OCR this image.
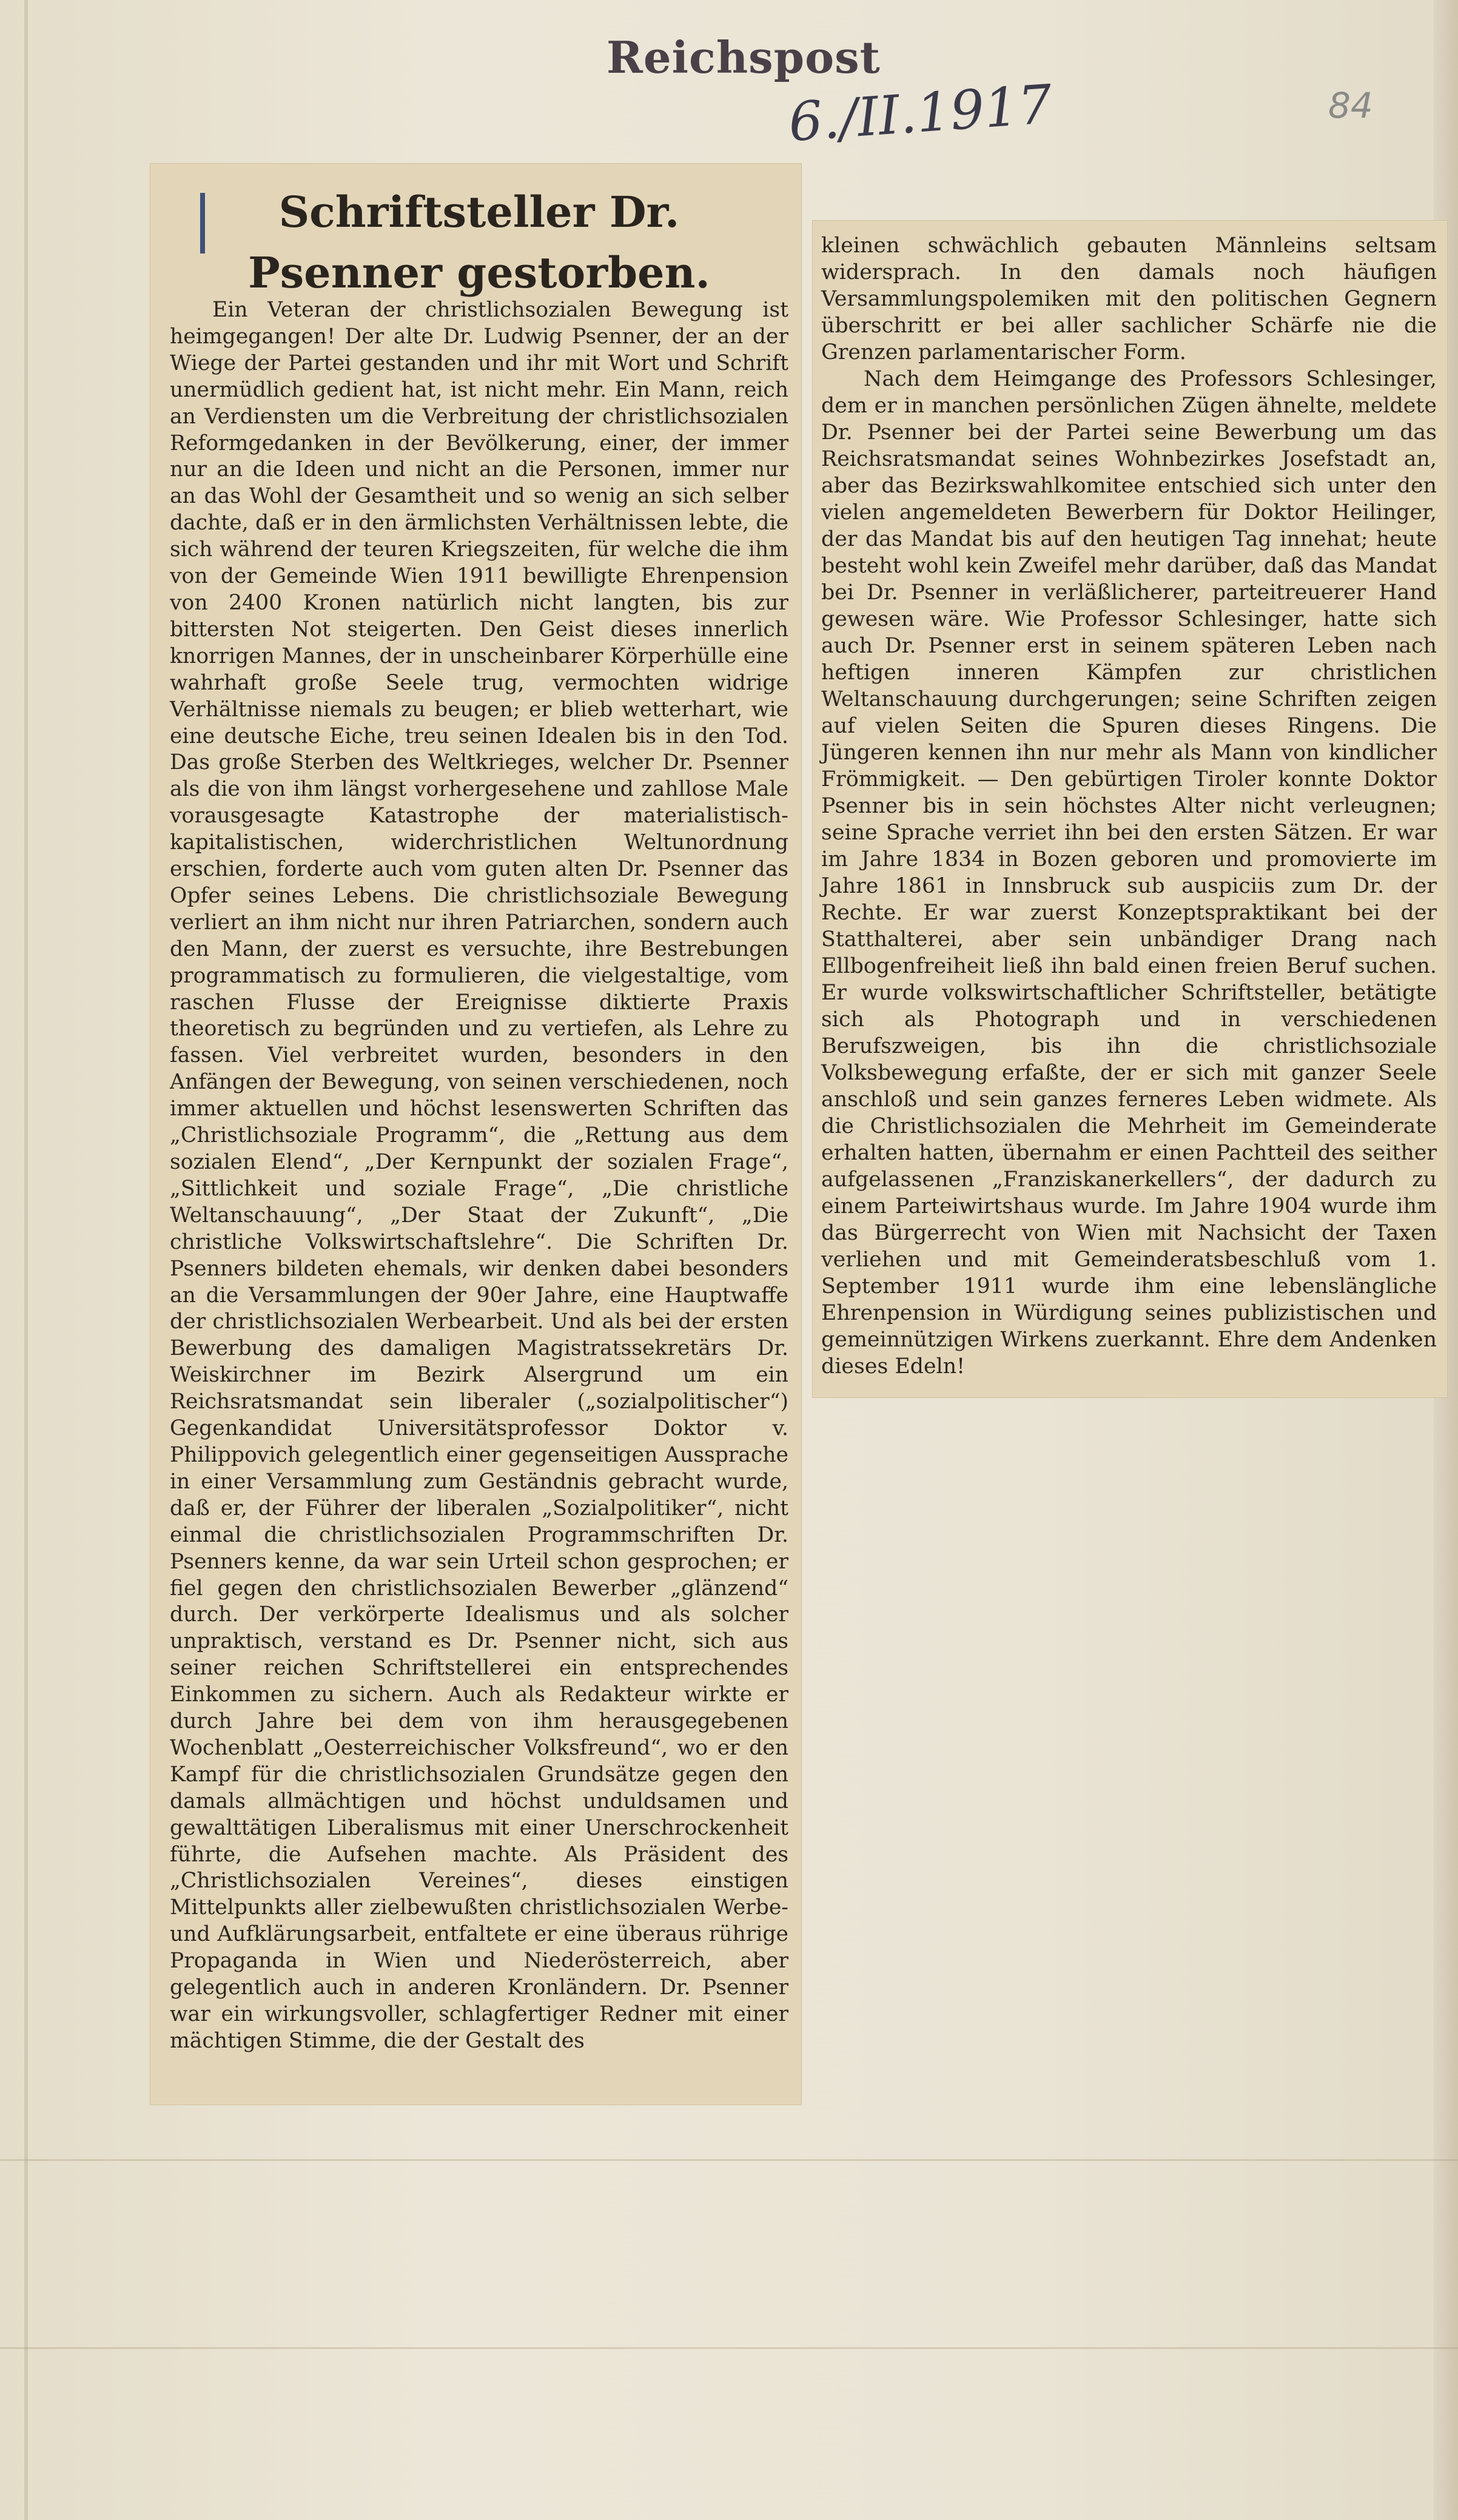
Reichspost
6./II.1917	84
Schriftsteller Dr. Psenner gestorben.

Ein Veteran der christlichsozialen Bewegung ist heimgegangen! Der alte Dr. Ludwig Psenner, der an der Wiege der Partei gestanden und ihr mit Wort und Schrift unermüdlich gedient hat, ist nicht mehr. Ein Mann, reich an Verdiensten um die Verbreitung der christlichsozialen Reformgedanken in der Bevölkerung, einer, der immer nur an die Ideen und nicht an die Personen, immer nur an das Wohl der Gesamtheit und so wenig an sich selber dachte, daß er in den ärmlichsten Verhältnissen lebte, die sich während der teuren Kriegszeiten, für welche die ihm von der Gemeinde Wien 1911 bewilligte Ehrenpension von 2400 Kronen natürlich nicht langten, bis zur bittersten Not steigerten. Den Geist dieses innerlich knorrigen Mannes, der in unscheinbarer Körperhülle eine wahrhaft große Seele trug, vermochten widrige Verhältnisse niemals zu beugen; er blieb wetterhart, wie eine deutsche Eiche, treu seinen Idealen bis in den Tod. Das große Sterben des Weltkrieges, welcher Dr. Psenner als die von ihm längst vorhergesehene und zahllose Male vorausgesagte Katastrophe der materialistisch-kapitalistischen, widerchristlichen Weltunordnung erschien, forderte auch vom guten alten Dr. Psenner das Opfer seines Lebens. Die christlichsoziale Bewegung verliert an ihm nicht nur ihren Patriarchen, sondern auch den Mann, der zuerst es versuchte, ihre Bestrebungen programmatisch zu formulieren, die vielgestaltige, vom raschen Flusse der Ereignisse diktierte Praxis theoretisch zu begründen und zu vertiefen, als Lehre zu fassen. Viel verbreitet wurden, besonders in den Anfängen der Bewegung, von seinen verschiedenen, noch immer aktuellen und höchst lesenswerten Schriften das „Christlichsoziale Programm“, die „Rettung aus dem sozialen Elend“, „Der Kernpunkt der sozialen Frage“, „Sittlichkeit und soziale Frage“, „Die christliche Weltanschauung“, „Der Staat der Zukunft“, „Die christliche Volkswirtschaftslehre“. Die Schriften Dr. Psenners bildeten ehemals, wir denken dabei besonders an die Versammlungen der 90er Jahre, eine Hauptwaffe der christlichsozialen Werbearbeit. Und als bei der ersten Bewerbung des damaligen Magistratssekretärs Dr. Weiskirchner im Bezirk Alsergrund um ein Reichsratsmandat sein liberaler („sozialpolitischer“) Gegenkandidat Universitätsprofessor Doktor v. Philippovich gelegentlich einer gegenseitigen Aussprache in einer Versammlung zum Geständnis gebracht wurde, daß er, der Führer der liberalen „Sozialpolitiker“, nicht einmal die christlichsozialen Programmschriften Dr. Psenners kenne, da war sein Urteil schon gesprochen; er fiel gegen den christlichsozialen Bewerber „glänzend“ durch. Der verkörperte Idealismus und als solcher unpraktisch, verstand es Dr. Psenner nicht, sich aus seiner reichen Schriftstellerei ein entsprechendes Einkommen zu sichern. Auch als Redakteur wirkte er durch Jahre bei dem von ihm herausgegebenen Wochenblatt „Oesterreichischer Volksfreund“, wo er den Kampf für die christlichsozialen Grundsätze gegen den damals allmächtigen und höchst unduldsamen und gewalttätigen Liberalismus mit einer Unerschrockenheit führte, die Aufsehen machte. Als Präsident des „Christlichsozialen Vereines“, dieses einstigen Mittelpunkts aller zielbewußten christlichsozialen Werbe- und Aufklärungsarbeit, entfaltete er eine überaus rührige Propaganda in Wien und Niederösterreich, aber gelegentlich auch in anderen Kronländern. Dr. Psenner war ein wirkungsvoller, schlagfertiger Redner mit einer mächtigen Stimme, die der Gestalt des

kleinen schwächlich gebauten Männleins seltsam widersprach. In den damals noch häufigen Versammlungspolemiken mit den politischen Gegnern überschritt er bei aller sachlicher Schärfe nie die Grenzen parlamentarischer Form.

Nach dem Heimgange des Professors Schlesinger, dem er in manchen persönlichen Zügen ähnelte, meldete Dr. Psenner bei der Partei seine Bewerbung um das Reichsratsmandat seines Wohnbezirkes Josefstadt an, aber das Bezirkswahlkomitee entschied sich unter den vielen angemeldeten Bewerbern für Doktor Heilinger, der das Mandat bis auf den heutigen Tag innehat; heute besteht wohl kein Zweifel mehr darüber, daß das Mandat bei Dr. Psenner in verläßlicherer, parteitreuerer Hand gewesen wäre. Wie Professor Schlesinger, hatte sich auch Dr. Psenner erst in seinem späteren Leben nach heftigen inneren Kämpfen zur christlichen Weltanschauung durchgerungen; seine Schriften zeigen auf vielen Seiten die Spuren dieses Ringens. Die Jüngeren kennen ihn nur mehr als Mann von kindlicher Frömmigkeit. — Den gebürtigen Tiroler konnte Doktor Psenner bis in sein höchstes Alter nicht verleugnen; seine Sprache verriet ihn bei den ersten Sätzen. Er war im Jahre 1834 in Bozen geboren und promovierte im Jahre 1861 in Innsbruck sub auspiciis zum Dr. der Rechte. Er war zuerst Konzeptspraktikant bei der Statthalterei, aber sein unbändiger Drang nach Ellbogenfreiheit ließ ihn bald einen freien Beruf suchen. Er wurde volkswirtschaftlicher Schriftsteller, betätigte sich als Photograph und in verschiedenen Berufszweigen, bis ihn die christlichsoziale Volksbewegung erfaßte, der er sich mit ganzer Seele anschloß und sein ganzes ferneres Leben widmete. Als die Christlichsozialen die Mehrheit im Gemeinderate erhalten hatten, übernahm er einen Pachtteil des seither aufgelassenen „Franziskanerkellers“, der dadurch zu einem Parteiwirtshaus wurde. Im Jahre 1904 wurde ihm das Bürgerrecht von Wien mit Nachsicht der Taxen verliehen und mit Gemeinderatsbeschluß vom 1. September 1911 wurde ihm eine lebenslängliche Ehrenpension in Würdigung seines publizistischen und gemeinnützigen Wirkens zuerkannt. Ehre dem Andenken dieses Edeln!
